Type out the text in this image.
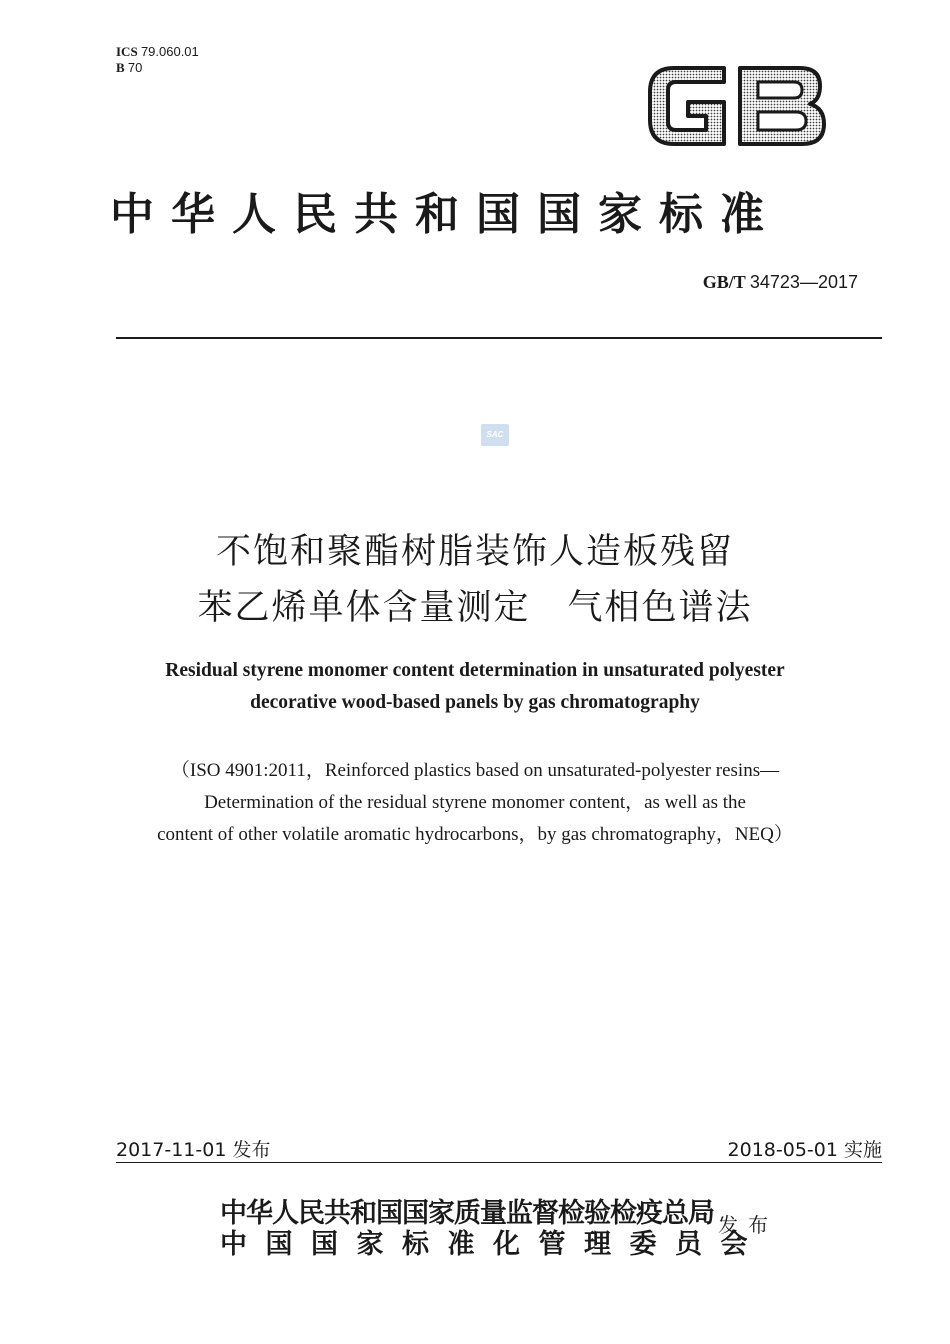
ICS 79.060.01
B 70
GB
中华人民共和国国家标准
GB/T 34723—2017
SAC
不饱和聚酯树脂装饰人造板残留
苯乙烯单体含量测定　气相色谱法
Residual styrene monomer content determination in unsaturated polyester
decorative wood-based panels by gas chromatography
（ISO 4901:2011，Reinforced plastics based on unsaturated-polyester resins—
Determination of the residual styrene monomer content，as well as the
content of other volatile aromatic hydrocarbons，by gas chromatography，NEQ）
2017-11-01 发布	2018-05-01 实施
中华人民共和国国家质量监督检验检疫总局
中国国家标准化管理委员会
发布
